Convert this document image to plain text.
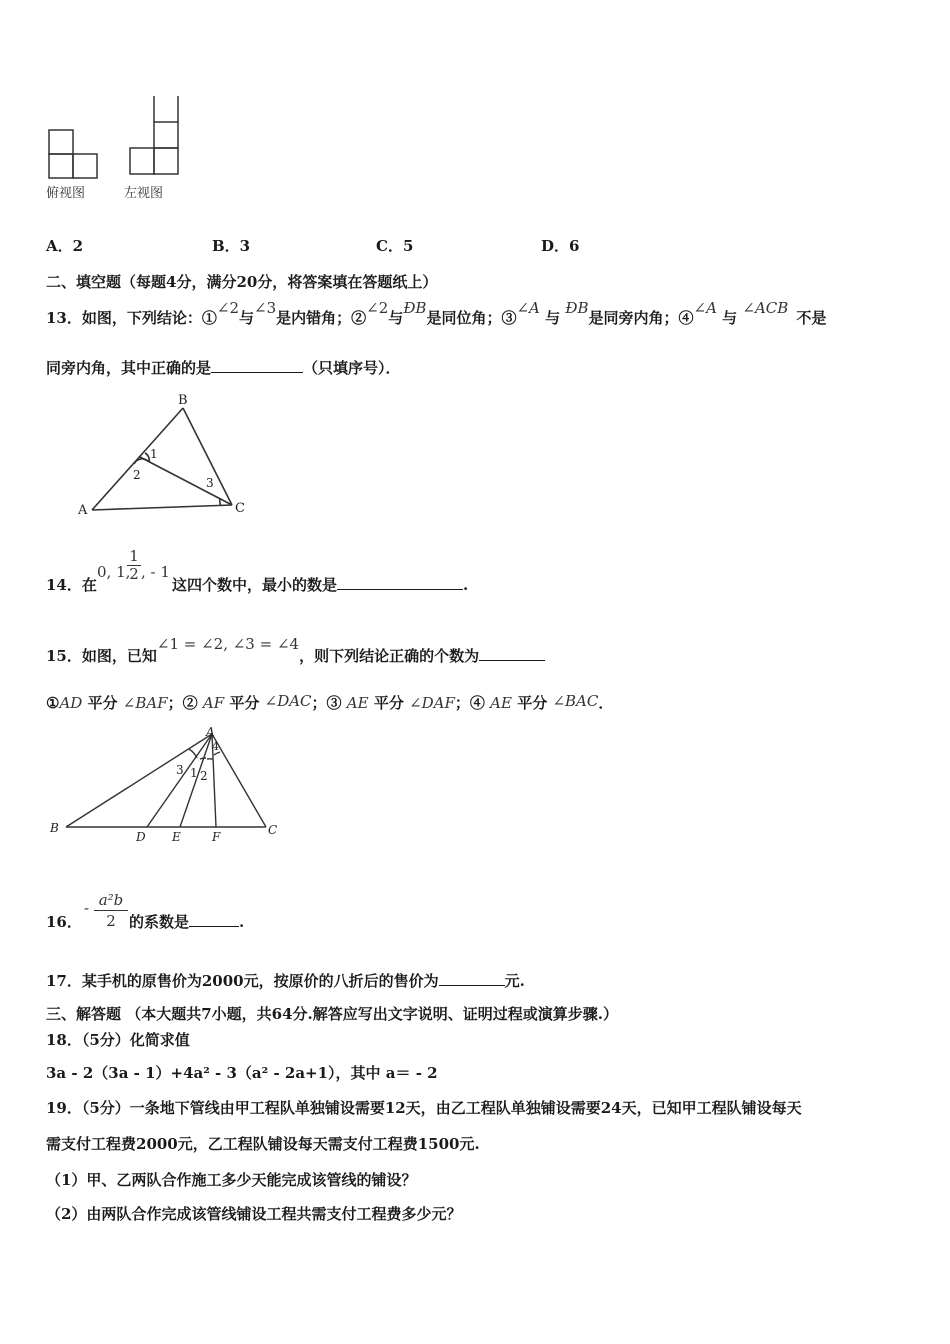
俯视图	左视图
A．2	B．3	C．5	D．6
二、填空题（每题4分，满分20分，将答案填在答题纸上）
13．如图，下列结论：①∠2与∠3是内错角；②∠2与ÐB是同位角；③∠A 与 ÐB是同旁内角；④∠A 与 ∠ACB不是
同旁内角，其中正确的是	（只填序号）．
B
A	C
1
2
3
14．在
0, 1,
1
2 , - 1
这四个数中，最小的数是	.
15．如图，已知∠1 = ∠2, ∠3 = ∠4，则下列结论正确的个数为
①AD 平分 ∠BAF；② AF 平分 ∠DAC；③ AE 平分 ∠DAF；④ AE 平分 ∠BAC．
A
B	C
D E	F
3 1 2
4
16．
- a²b
2 的系数是	.
17．某手机的原售价为2000元，按原价的八折后的售价为	元.
三、解答题 （本大题共7小题，共64分.解答应写出文字说明、证明过程或演算步骤.）
18．（5分）化简求值
3a - 2（3a - 1）+4a² - 3（a² - 2a+1），其中 a＝ - 2
19．（5分）一条地下管线由甲工程队单独铺设需要12天，由乙工程队单独铺设需要24天，已知甲工程队铺设每天
需支付工程费2000元，乙工程队铺设每天需支付工程费1500元.
（1）甲、乙两队合作施工多少天能完成该管线的铺设？
（2）由两队合作完成该管线铺设工程共需支付工程费多少元？
